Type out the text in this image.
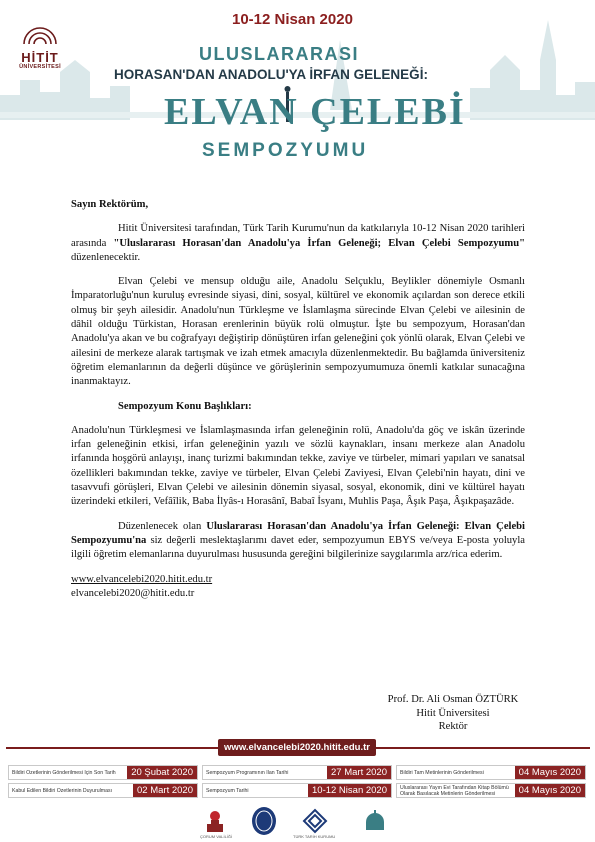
HİTİT
ÜNİVERSİTESİ
10-12 Nisan 2020
ULUSLARARASI
HORASAN'DAN ANADOLU'YA İRFAN GELENEĞİ:
ELVAN ÇELEBİ
SEMPOZYUMU

Sayın Rektörüm,

Hitit Üniversitesi tarafından, Türk Tarih Kurumu'nun da katkılarıyla 10-12 Nisan 2020 tarihleri arasında "Uluslararası Horasan'dan Anadolu'ya İrfan Geleneği; Elvan Çelebi Sempozyumu" düzenlenecektir.

Elvan Çelebi ve mensup olduğu aile, Anadolu Selçuklu, Beylikler dönemiyle Osmanlı İmparatorluğu'nun kuruluş evresinde siyasi, dini, sosyal, kültürel ve ekonomik açılardan son derece etkili olmuş bir şeyh ailesidir. Anadolu'nun Türkleşme ve İslamlaşma sürecinde Elvan Çelebi ve ailesinin de dâhil olduğu Türkistan, Horasan erenlerinin büyük rolü olmuştur. İşte bu sempozyum, Horasan'dan Anadolu'ya akan ve bu coğrafyayı değiştirip dönüştüren irfan geleneğini çok yönlü olarak, Elvan Çelebi ve ailesini de merkeze alarak tartışmak ve izah etmek amacıyla düzenlenmektedir. Bu bağlamda üniversiteniz öğretim elemanlarının da değerli düşünce ve görüşlerinin sempozyumumuza önemli katkılar sunacağına inanmaktayız.

Sempozyum Konu Başlıkları:

Anadolu'nun Türkleşmesi ve İslamlaşmasında irfan geleneğinin rolü, Anadolu'da göç ve iskân üzerinde irfan geleneğinin etkisi, irfan geleneğinin yazılı ve sözlü kaynakları, insanı merkeze alan Anadolu irfanında hoşgörü anlayışı, inanç turizmi bakımından tekke, zaviye ve türbeler, mimari yapıları ve sanatsal özellikleri bakımından tekke, zaviye ve türbeler, Elvan Çelebi Zaviyesi, Elvan Çelebi'nin hayatı, dini ve tasavvufi görüşleri, Elvan Çelebi ve ailesinin dönemin siyasal, sosyal, ekonomik, dini ve kültürel hayatı üzerindeki etkileri, Vefâîlik, Baba İlyâs-ı Horasânî, Babaî İsyanı, Muhlis Paşa, Âşık Paşa, Âşıkpaşazâde.

Düzenlenecek olan Uluslararası Horasan'dan Anadolu'ya İrfan Geleneği: Elvan Çelebi Sempozyumu'na siz değerli meslektaşlarımı davet eder, sempozyumun EBYS ve/veya E-posta yoluyla ilgili öğretim elemanlarına duyurulması hususunda gereğini bilgilerinize saygılarımla arz/rica ederim.

www.elvancelebi2020.hitit.edu.tr
elvancelebi2020@hitit.edu.tr
Prof. Dr. Ali Osman ÖZTÜRK
Hitit Üniversitesi
Rektör
www.elvancelebi2020.hitit.edu.tr
Bildiri Özetlerinin Gönderilmesi İçin Son Tarih	20 Şubat 2020	Sempozyum Programının İlan Tarihi	27 Mart 2020	Bildiri Tam Metinlerinin Gönderilmesi	04 Mayıs 2020
Kabul Edilen Bildiri Özetlerinin Duyurulması	02 Mart 2020	Sempozyum Tarihi	10-12 Nisan 2020	Uluslararası Yayın Evi Tarafından Kitap Bölümü Olarak Basılacak Metinlerin Gönderilmesi	04 Mayıs 2020
ÇORUM VALİLİĞİ	TÜRK TARİH KURUMU
